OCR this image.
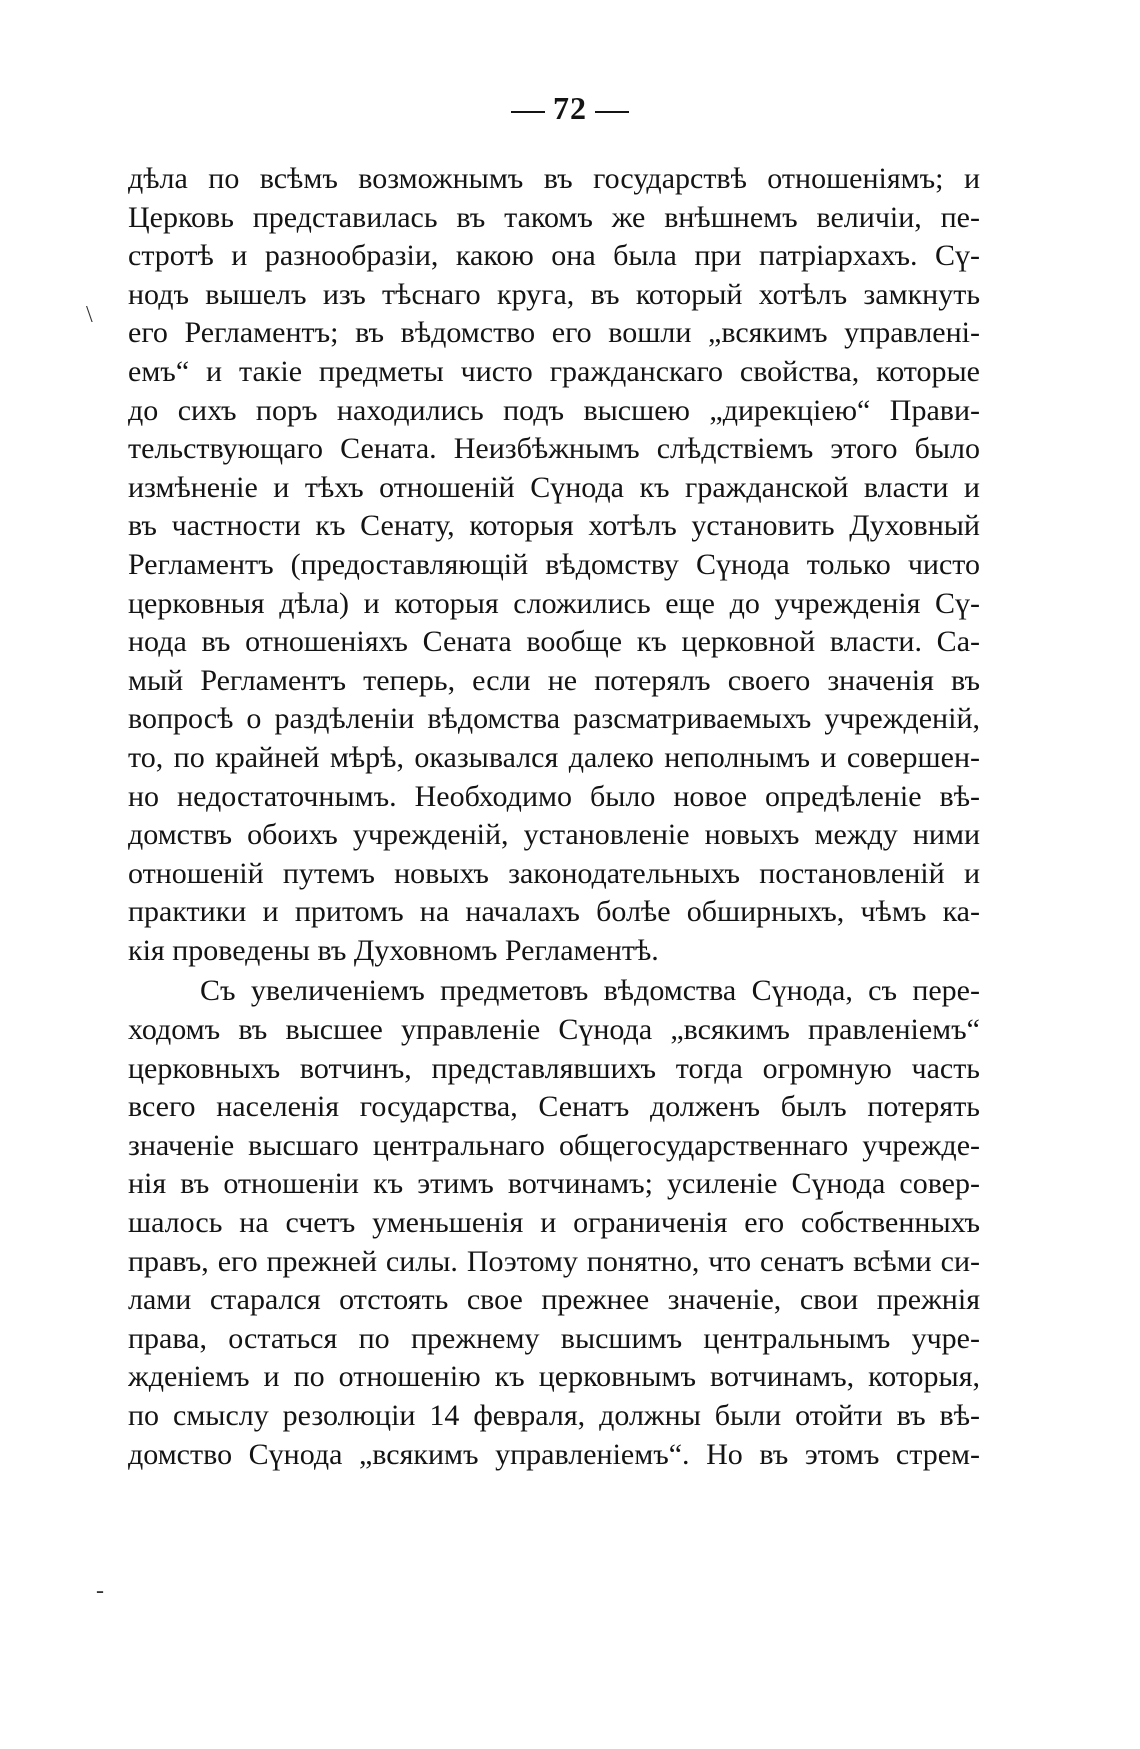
72
\
-
дѣла по всѣмъ возможнымъ въ государствѣ отношеніямъ; и
Церковь представилась въ такомъ же внѣшнемъ величіи, пе-
стротѣ и разнообразіи, какою она была при патріархахъ. Сү-
нодъ вышелъ изъ тѣснаго круга, въ который хотѣлъ замкнуть
его Регламентъ; въ вѣдомство его вошли „всякимъ управлені-
емъ“ и такіе предметы чисто гражданскаго свойства, которые
до сихъ поръ находились подъ высшею „дирекціею“ Прави-
тельствующаго Сената. Неизбѣжнымъ слѣдствіемъ этого было
измѣненіе и тѣхъ отношеній Сүнода къ гражданской власти и
въ частности къ Сенату, которыя хотѣлъ установить Духовный
Регламентъ (предоставляющій вѣдомству Сүнода только чисто
церковныя дѣла) и которыя сложились еще до учрежденія Сү-
нода въ отношеніяхъ Сената вообще къ церковной власти. Са-
мый Регламентъ теперь, если не потерялъ своего значенія въ
вопросѣ о раздѣленіи вѣдомства разсматриваемыхъ учрежденій,
то, по крайней мѣрѣ, оказывался далеко неполнымъ и совершен-
но недостаточнымъ. Необходимо было новое опредѣленіе вѣ-
домствъ обоихъ учрежденій, установленіе новыхъ между ними
отношеній путемъ новыхъ законодательныхъ постановленій и
практики и притомъ на началахъ болѣе обширныхъ, чѣмъ ка-
кія проведены въ Духовномъ Регламентѣ.
Съ увеличеніемъ предметовъ вѣдомства Сүнода, съ пере-
ходомъ въ высшее управленіе Сүнода „всякимъ правленіемъ“
церковныхъ вотчинъ, представлявшихъ тогда огромную часть
всего населенія государства, Сенатъ долженъ былъ потерять
значеніе высшаго центральнаго общегосударственнаго учрежде-
нія въ отношеніи къ этимъ вотчинамъ; усиленіе Сүнода совер-
шалось на счетъ уменьшенія и ограниченія его собственныхъ
правъ, его прежней силы. Поэтому понятно, что сенатъ всѣми си-
лами старался отстоять свое прежнее значеніе, свои прежнія
права, остаться по прежнему высшимъ центральнымъ учре-
жденіемъ и по отношенію къ церковнымъ вотчинамъ, которыя,
по смыслу резолюціи 14 февраля, должны были отойти въ вѣ-
домство Сүнода „всякимъ управленіемъ“. Но въ этомъ стрем-
